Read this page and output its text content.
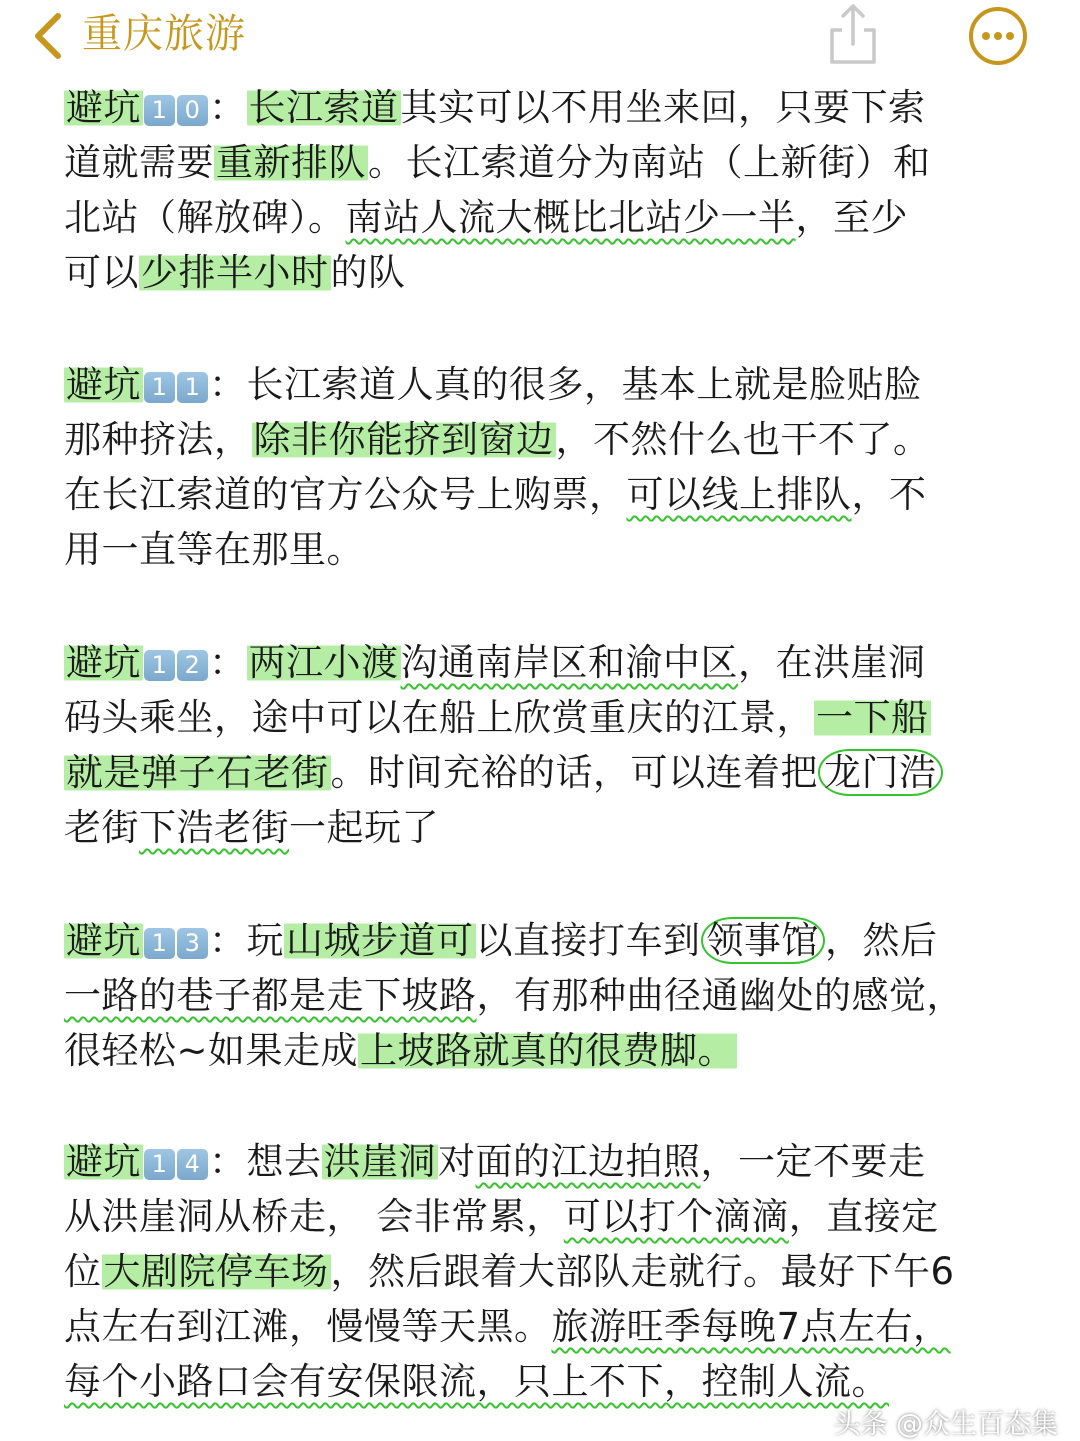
重庆旅游

避坑 1 0 ：长江索道其实可以不用坐来回，只要下索

道就需要重新排队。长江索道分为南站（上新街）和

北站（解放碑）。南站人流大概比北站少一半，至少

可以少排半小时的队

避坑 1 1 ：长江索道人真的很多，基本上就是脸贴脸

那种挤法，除非你能挤到窗边，不然什么也干不了。

在长江索道的官方公众号上购票，可以线上排队，不

用一直等在那里。

避坑 1 2 ：两江小渡沟通南岸区和渝中区，在洪崖洞

码头乘坐，途中可以在船上欣赏重庆的江景，一下船

就是弹子石老街。时间充裕的话，可以连着把 龙门浩

老街下浩老街一起玩了

避坑 1 3 ：玩山城步道可以直接打车到 领事馆 ，然后

一路的巷子都是走下坡路，有那种曲径通幽处的感觉，

很轻松~如果走成上坡路就真的很费脚。

避坑 1 4 ：想去洪崖洞对面的江边拍照，一定不要走

从洪崖洞从桥走， 会非常累，可以打个滴滴，直接定

位大剧院停车场，然后跟着大部队走就行。最好下午6

点左右到江滩，慢慢等天黑。旅游旺季每晚7点左右，

每个小路口会有安保限流，只上不下，控制人流。

头条 @众生百态集
